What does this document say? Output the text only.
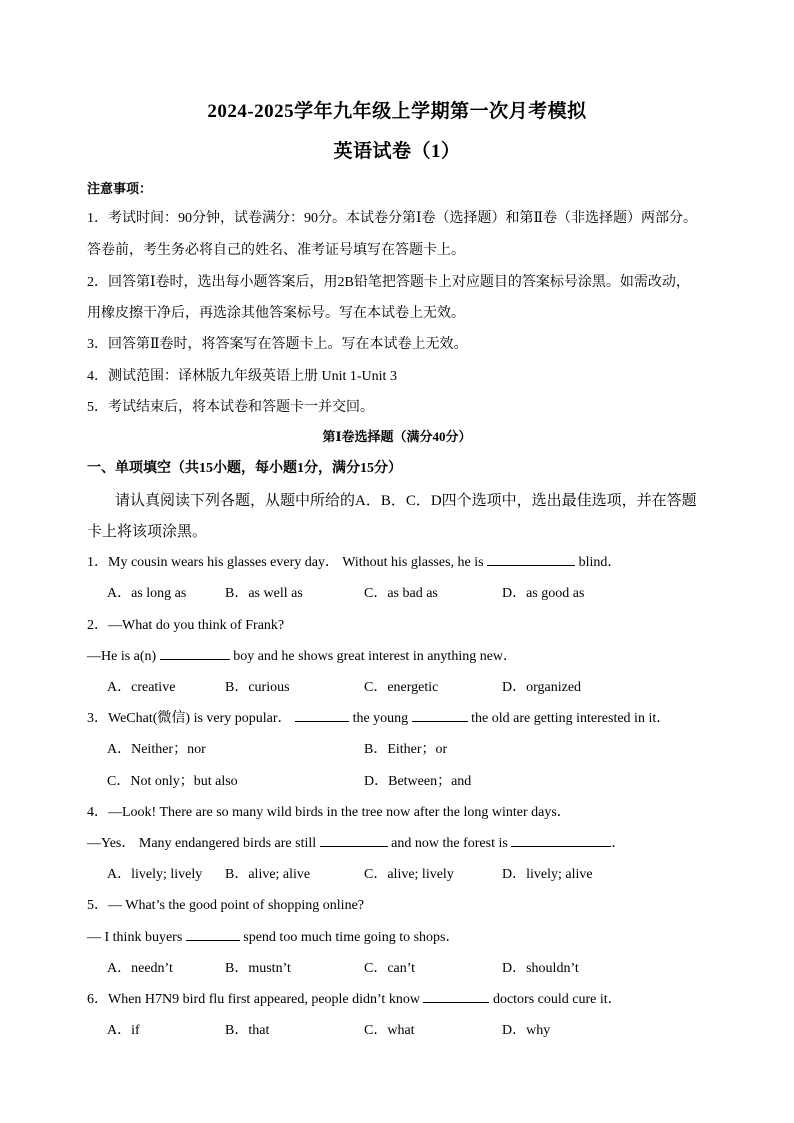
2024-2025学年九年级上学期第一次月考模拟
英语试卷（1）
注意事项：
1．考试时间：90分钟，试卷满分：90分。本试卷分第Ⅰ卷（选择题）和第Ⅱ卷（非选择题）两部分。
答卷前，考生务必将自己的姓名、准考证号填写在答题卡上。
2．回答第Ⅰ卷时，选出每小题答案后，用2B铅笔把答题卡上对应题目的答案标号涂黑。如需改动，
用橡皮擦干净后，再选涂其他答案标号。写在本试卷上无效。
3．回答第Ⅱ卷时，将答案写在答题卡上。写在本试卷上无效。
4．测试范围：译林版九年级英语上册 Unit 1-Unit 3
5．考试结束后，将本试卷和答题卡一并交回。
第Ⅰ卷选择题（满分40分）
一、单项填空（共15小题，每小题1分，满分15分）
请认真阅读下列各题，从题中所给的A．B．C．D四个选项中，选出最佳选项，并在答题
卡上将该项涂黑。
1．My cousin wears his glasses every day． Without his glasses, he is	blind．
A．as long as	B．as well as	C．as bad as	D．as good as
2．—What do you think of Frank?
—He is a(n)	boy and he shows great interest in anything new．
A．creative	B．curious	C．energetic	D．organized
3．WeChat(微信) is very popular．	the young	the old are getting interested in it．
A．Neither；nor	B．Either；or
C．Not only；but also	D．Between；and
4．—Look! There are so many wild birds in the tree now after the long winter days．
—Yes． Many endangered birds are still	and now the forest is	．
A．lively; lively B．alive; alive	C．alive; lively	D．lively; alive
5．— What’s the good point of shopping online?
— I think buyers	spend too much time going to shops．
A．needn’t	B．mustn’t	C．can’t	D．shouldn’t
6．When H7N9 bird flu first appeared, people didn’t know	doctors could cure it．
A．if	B．that	C．what	D．why
